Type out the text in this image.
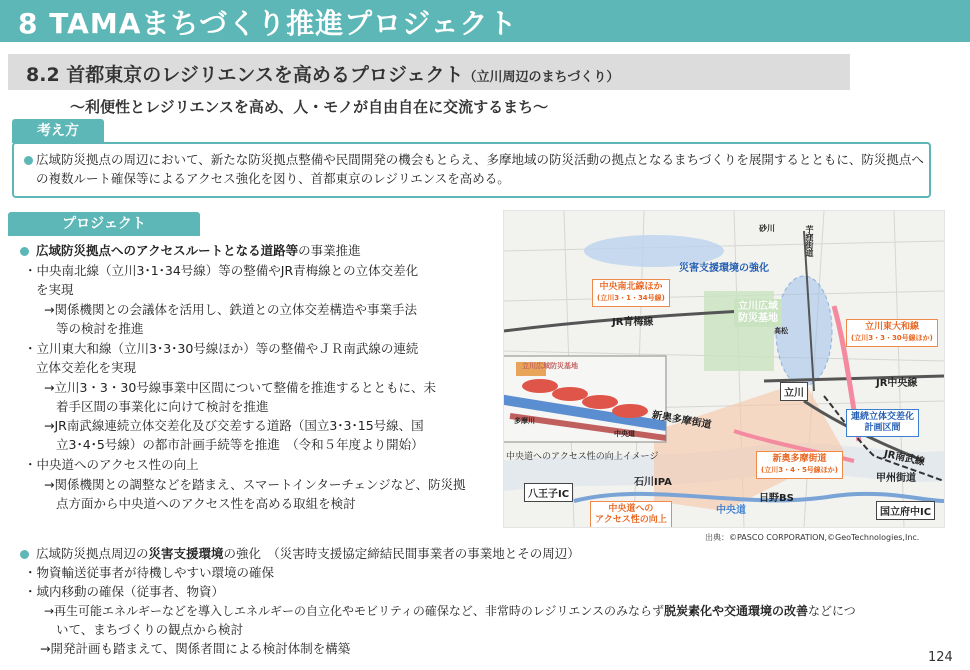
8 TAMAまちづくり推進プロジェクト
8.2 首都東京のレジリエンスを高めるプロジェクト（立川周辺のまちづくり）
～利便性とレジリエンスを高め、人・モノが自由自在に交流するまち～
考え方
広域防災拠点の周辺において、新たな防災拠点整備や民間開発の機会もとらえ、多摩地域の防災活動の拠点となるまちづくりを展開するとともに、防災拠点への複数ルート確保等によるアクセス強化を図り、首都東京のレジリエンスを高める。
プロジェクト
広域防災拠点へのアクセスルートとなる道路等の事業推進
・中央南北線（立川3･1･34号線）等の整備やJR青梅線との立体交差化
を実現
→関係機関との会議体を活用し、鉄道との立体交差構造や事業手法
等の検討を推進
・立川東大和線（立川3･3･30号線ほか）等の整備やＪＲ南武線の連続
立体交差化を実現
→立川3・3・30号線事業中区間について整備を推進するとともに、未
着手区間の事業化に向けて検討を推進
→JR南武線連続立体交差化及び交差する道路（国立3･3･15号線、国
立3･4･5号線）の都市計画手続等を推進　（令和５年度より開始）
・中央道へのアクセス性の向上
→関係機関との調整などを踏まえ、スマートインターチェンジなど、防災拠
点方面から中央道へのアクセス性を高める取組を検討
広域防災拠点周辺の災害支援環境の強化　（災害時支援協定締結民間事業者の事業地とその周辺）
・物資輸送従事者が待機しやすい環境の確保
・域内移動の確保（従事者、物資）
→再生可能エネルギーなどを導入しエネルギーの自立化やモビリティの確保など、非常時のレジリエンスのみならず脱炭素化や交通環境の改善などにつ
いて、まちづくりの観点から検討
→開発計画も踏まえて、関係者間による検討体制を構築
立川広域防災基地
多摩川
中央道
中央道へのアクセス性の向上イメージ
砂川	芋窪街道
災害支援環境の強化
中央南北線ほか
(立川3・1・34号線)
立川広域
防災基地
高松
JR青梅線	立川東大和線
(立川3・3・30号線ほか)
立川
JR中央線
連続立体交差化
計画区間
新奥多摩街道
新奥多摩街道
(立川3・4・5号線ほか)
JR南武線
甲州街道
石川IPA
八王子IC	日野BS
国立府中IC
中央道
中央道への
アクセス性の向上
出典：©PASCO CORPORATION,©GeoTechnologies,Inc.
124
